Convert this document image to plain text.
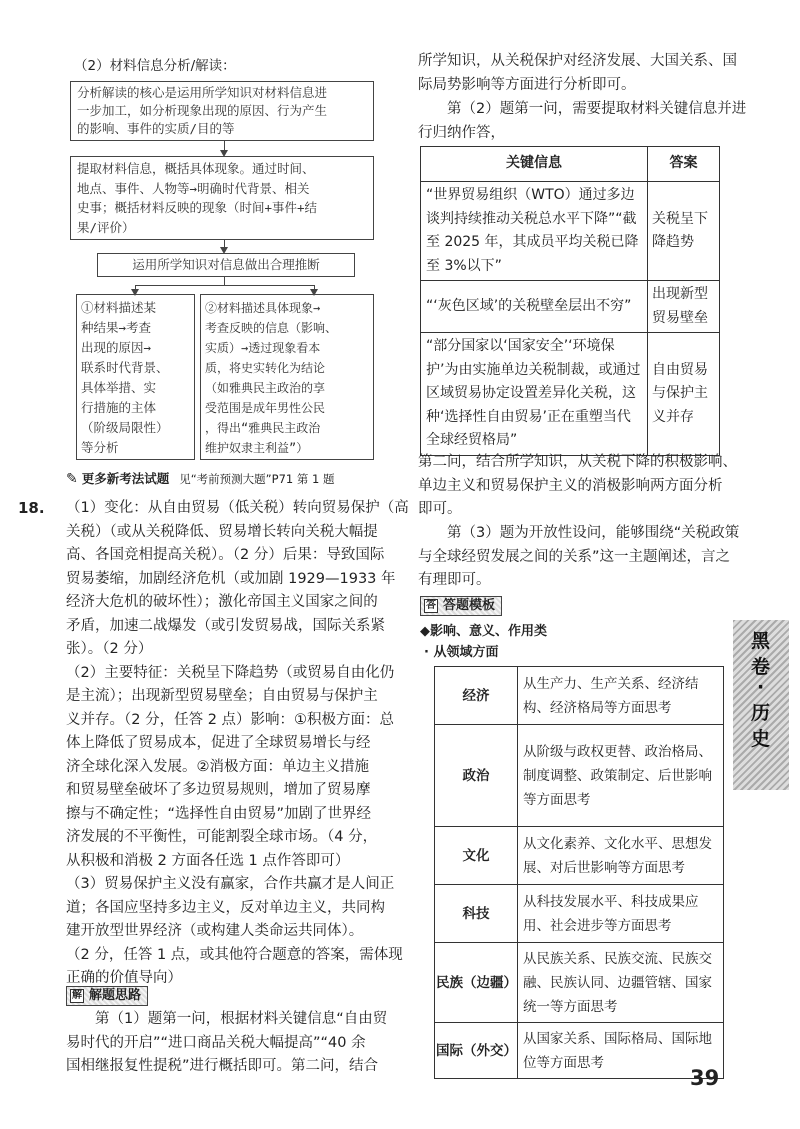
（2）材料信息分析/解读：
分析解读的核心是运用所学知识对材料信息进
一步加工，如分析现象出现的原因、行为产生
的影响、事件的实质/目的等
提取材料信息，概括具体现象。通过时间、
地点、事件、人物等→明确时代背景、相关
史事；概括材料反映的现象（时间+事件+结
果/评价）
运用所学知识对信息做出合理推断
①材料描述某
种结果→考查
出现的原因→
联系时代背景、
具体举措、实
行措施的主体
（阶级局限性）
等分析
②材料描述具体现象→
考查反映的信息（影响、
实质）→透过现象看本
质，将史实转化为结论
（如雅典民主政治的享
受范围是成年男性公民
，得出“雅典民主政治
维护奴隶主利益”）
✎ 更多新考法试题 见“考前预测大题”P71 第 1 题
18. （1）变化：从自由贸易（低关税）转向贸易保护（高
关税）（或从关税降低、贸易增长转向关税大幅提
高、各国竞相提高关税）。（2 分）后果：导致国际
贸易萎缩，加剧经济危机（或加剧 1929—1933 年
经济大危机的破坏性）；激化帝国主义国家之间的
矛盾，加速二战爆发（或引发贸易战，国际关系紧
张）。（2 分）
（2）主要特征：关税呈下降趋势（或贸易自由化仍
是主流）；出现新型贸易壁垒；自由贸易与保护主
义并存。（2 分，任答 2 点）影响：①积极方面：总
体上降低了贸易成本，促进了全球贸易增长与经
济全球化深入发展。②消极方面：单边主义措施
和贸易壁垒破坏了多边贸易规则，增加了贸易摩
擦与不确定性；“选择性自由贸易”加剧了世界经
济发展的不平衡性，可能割裂全球市场。（4 分，
从积极和消极 2 方面各任选 1 点作答即可）
（3）贸易保护主义没有赢家，合作共赢才是人间正
道；各国应坚持多边主义，反对单边主义，共同构
建开放型世界经济（或构建人类命运共同体）。
（2 分，任答 1 点，或其他符合题意的答案，需体现
正确的价值导向）
解 解题思路
第（1）题第一问，根据材料关键信息“自由贸
易时代的开启”“进口商品关税大幅提高”“40 余
国相继报复性提税”进行概括即可。第二问，结合
所学知识，从关税保护对经济发展、大国关系、国
际局势影响等方面进行分析即可。
第（2）题第一问，需要提取材料关键信息并进
行归纳作答，
关键信息	答案
“世界贸易组织（WTO）通过多边谈判持续推动关税总水平下降”“截至 2025 年，其成员平均关税已降至 3%以下”	关税呈下降趋势
“‘灰色区域’的关税壁垒层出不穷”	出现新型贸易壁垒
“部分国家以‘国家安全’‘环境保护’为由实施单边关税制裁，或通过区域贸易协定设置差异化关税，这种‘选择性自由贸易’正在重塑当代全球经贸格局”	自由贸易与保护主义并存
第二问，结合所学知识，从关税下降的积极影响、
单边主义和贸易保护主义的消极影响两方面分析
即可。
第（3）题为开放性设问，能够围绕“关税政策
与全球经贸发展之间的关系”这一主题阐述，言之
有理即可。
答 答题模板
◆影响、意义、作用类
· 从领域方面
经济	从生产力、生产关系、经济结构、经济格局等方面思考
政治	从阶级与政权更替、政治格局、制度调整、政策制定、后世影响等方面思考
文化	从文化素养、文化水平、思想发展、对后世影响等方面思考
科技	从科技发展水平、科技成果应用、社会进步等方面思考
民族（边疆）	从民族关系、民族交流、民族交融、民族认同、边疆管辖、国家统一等方面思考
国际（外交）	从国家关系、国际格局、国际地位等方面思考
黑
卷
·
历
史
39
